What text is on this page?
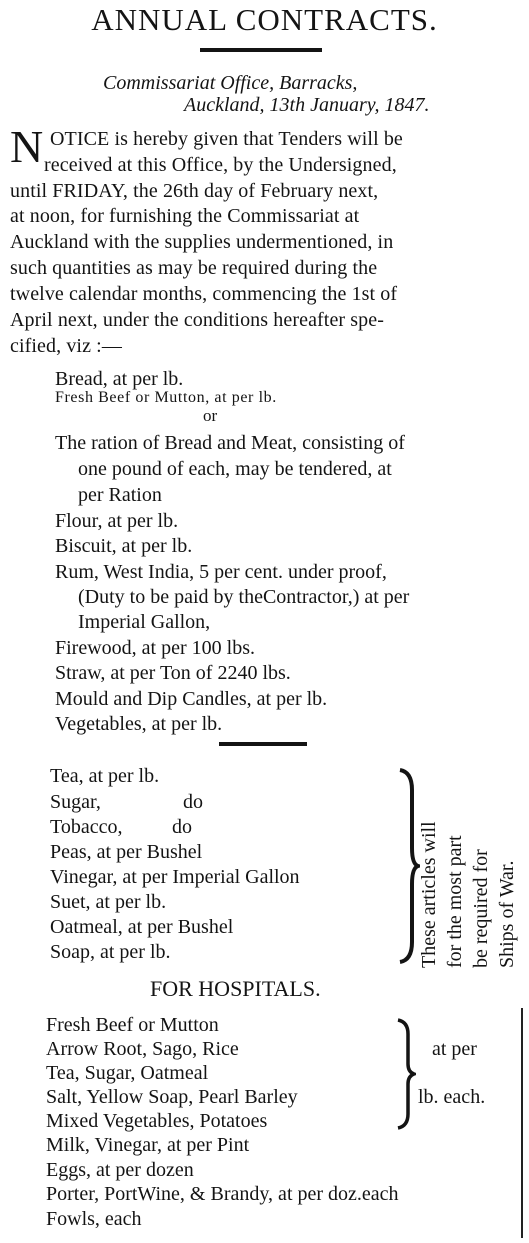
ANNUAL CONTRACTS.
Commissariat Office, Barracks,
Auckland, 13th January, 1847.
N OTICE is hereby given that Tenders will be
received at this Office, by the Undersigned,
until FRIDAY, the 26th day of February next,
at noon, for furnishing the Commissariat at
Auckland with the supplies undermentioned, in
such quantities as may be required during the
twelve calendar months, commencing the 1st of
April next, under the conditions hereafter spe-
cified, viz :—
Bread, at per lb.
Fresh Beef or Mutton, at per lb.
or
The ration of Bread and Meat, consisting of
one pound of each, may be tendered, at
per Ration
Flour, at per lb.
Biscuit, at per lb.
Rum, West India, 5 per cent. under proof,
(Duty to be paid by theContractor,) at per
Imperial Gallon,
Firewood, at per 100 lbs.
Straw, at per Ton of 2240 lbs.
Mould and Dip Candles, at per lb.
Vegetables, at per lb.
Tea, at per lb.
Sugar,	do
Tobacco, do
Peas, at per Bushel
Vinegar, at per Imperial Gallon
Suet, at per lb.
Oatmeal, at per Bushel
Soap, at per lb.	These articles will for the most part be required for Ships of War.
FOR HOSPITALS.
Fresh Beef or Mutton
Arrow Root, Sago, Rice
Tea, Sugar, Oatmeal
Salt, Yellow Soap, Pearl Barley
Mixed Vegetables, Potatoes
Milk, Vinegar, at per Pint
Eggs, at per dozen
Porter, PortWine, & Brandy, at per doz.each
Fowls, each
at per
lb. each.
